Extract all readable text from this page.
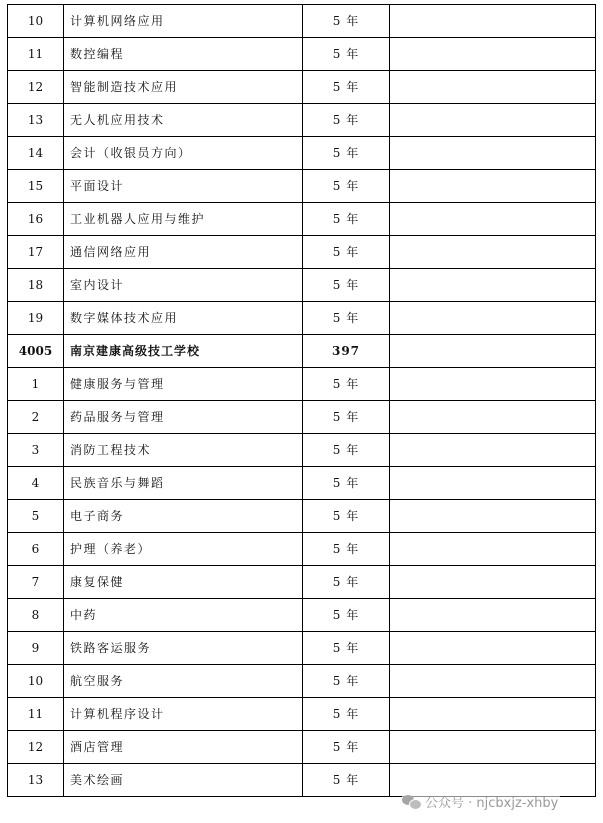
10	计算机网络应用	5 年	
11	数控编程	5 年	
12	智能制造技术应用	5 年	
13	无人机应用技术	5 年	
14	会计（收银员方向）	5 年	
15	平面设计	5 年	
16	工业机器人应用与维护	5 年	
17	通信网络应用	5 年	
18	室内设计	5 年	
19	数字媒体技术应用	5 年	
4005	南京建康高级技工学校	397	
1	健康服务与管理	5 年	
2	药品服务与管理	5 年	
3	消防工程技术	5 年	
4	民族音乐与舞蹈	5 年	
5	电子商务	5 年	
6	护理（养老）	5 年	
7	康复保健	5 年	
8	中药	5 年	
9	铁路客运服务	5 年	
10	航空服务	5 年	
11	计算机程序设计	5 年	
12	酒店管理	5 年	
13	美术绘画	5 年	
公众号 · njcbxjz-xhby
